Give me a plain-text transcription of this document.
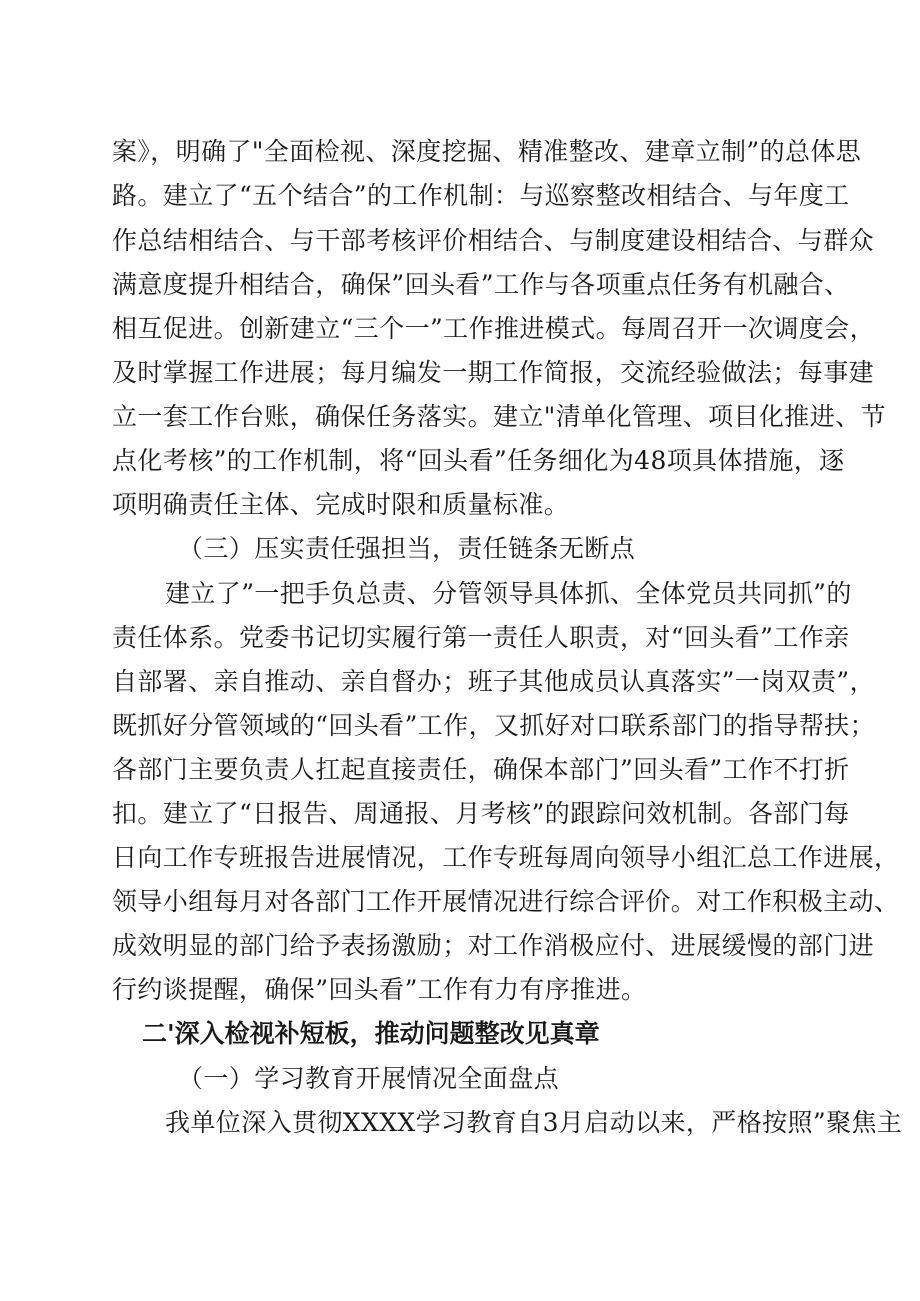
案》，明确了"全面检视、深度挖掘、精准整改、建章立制”的总体思
路。建立了“五个结合”的工作机制：与巡察整改相结合、与年度工
作总结相结合、与干部考核评价相结合、与制度建设相结合、与群众
满意度提升相结合，确保”回头看”工作与各项重点任务有机融合、
相互促进。创新建立“三个一”工作推进模式。每周召开一次调度会，
及时掌握工作进展；每月编发一期工作简报，交流经验做法；每事建
立一套工作台账，确保任务落实。建立"清单化管理、项目化推进、节
点化考核”的工作机制，将“回头看”任务细化为48项具体措施，逐
项明确责任主体、完成时限和质量标准。
（三）压实责任强担当，责任链条无断点
建立了”一把手负总责、分管领导具体抓、全体党员共同抓”的
责任体系。党委书记切实履行第一责任人职责，对“回头看”工作亲
自部署、亲自推动、亲自督办；班子其他成员认真落实”一岗双责”，
既抓好分管领域的“回头看”工作，又抓好对口联系部门的指导帮扶；
各部门主要负责人扛起直接责任，确保本部门”回头看”工作不打折
扣。建立了“日报告、周通报、月考核”的跟踪问效机制。各部门每
日向工作专班报告进展情况，工作专班每周向领导小组汇总工作进展，
领导小组每月对各部门工作开展情况进行综合评价。对工作积极主动、
成效明显的部门给予表扬激励；对工作消极应付、进展缓慢的部门进
行约谈提醒，确保”回头看”工作有力有序推进。
二'深入检视补短板，推动问题整改见真章
（一）学习教育开展情况全面盘点
我单位深入贯彻XXXX学习教育自3月启动以来，严格按照”聚焦主
